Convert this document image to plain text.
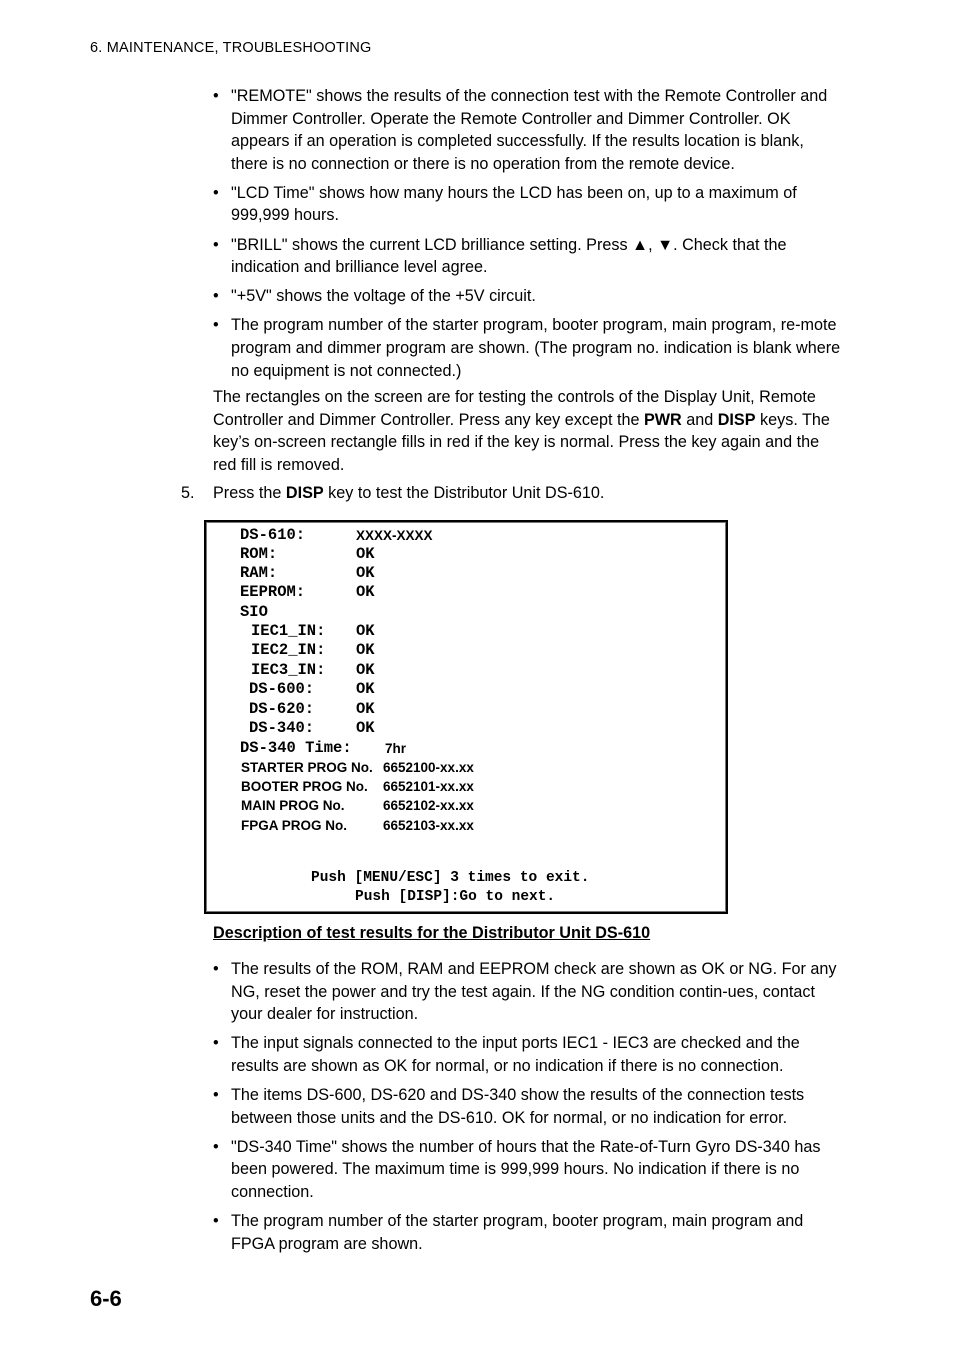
6. MAINTENANCE, TROUBLESHOOTING
• "REMOTE" shows the results of the connection test with the Remote Controller and Dimmer Controller. Operate the Remote Controller and Dimmer Controller. OK appears if an operation is completed successfully. If the results location is blank, there is no connection or there is no operation from the remote device.
• "LCD Time" shows how many hours the LCD has been on, up to a maximum of 999,999 hours.
• "BRILL" shows the current LCD brilliance setting. Press ▲, ▼. Check that the indication and brilliance level agree.
• "+5V" shows the voltage of the +5V circuit.
• The program number of the starter program, booter program, main program, re-mote program and dimmer program are shown. (The program no. indication is blank where no equipment is not connected.)
The rectangles on the screen are for testing the controls of the Display Unit, Remote Controller and Dimmer Controller. Press any key except the PWR and DISP keys. The key’s on-screen rectangle fills in red if the key is normal. Press the key again and the red fill is removed.
5. Press the DISP key to test the Distributor Unit DS-610.
DS-610:	XXXX-XXXX
ROM:	OK
RAM:	OK
EEPROM:	OK
SIO
IEC1_IN: OK
IEC2_IN: OK
IEC3_IN: OK
DS-600:	OK
DS-620:	OK
DS-340:	OK
DS-340 Time: 7hr
STARTER PROG No. 6652100-xx.xx
BOOTER PROG No. 6652101-xx.xx
MAIN PROG No.	6652102-xx.xx
FPGA PROG No.	6652103-xx.xx
Push [MENU/ESC] 3 times to exit.
Push [DISP]:Go to next.
Description of test results for the Distributor Unit DS-610
• The results of the ROM, RAM and EEPROM check are shown as OK or NG. For any NG, reset the power and try the test again. If the NG condition contin-ues, contact your dealer for instruction.
• The input signals connected to the input ports IEC1 - IEC3 are checked and the results are shown as OK for normal, or no indication if there is no connection.
• The items DS-600, DS-620 and DS-340 show the results of the connection tests between those units and the DS-610. OK for normal, or no indication for error.
• "DS-340 Time" shows the number of hours that the Rate-of-Turn Gyro DS-340 has been powered. The maximum time is 999,999 hours. No indication if there is no connection.
• The program number of the starter program, booter program, main program and FPGA program are shown.
6-6
